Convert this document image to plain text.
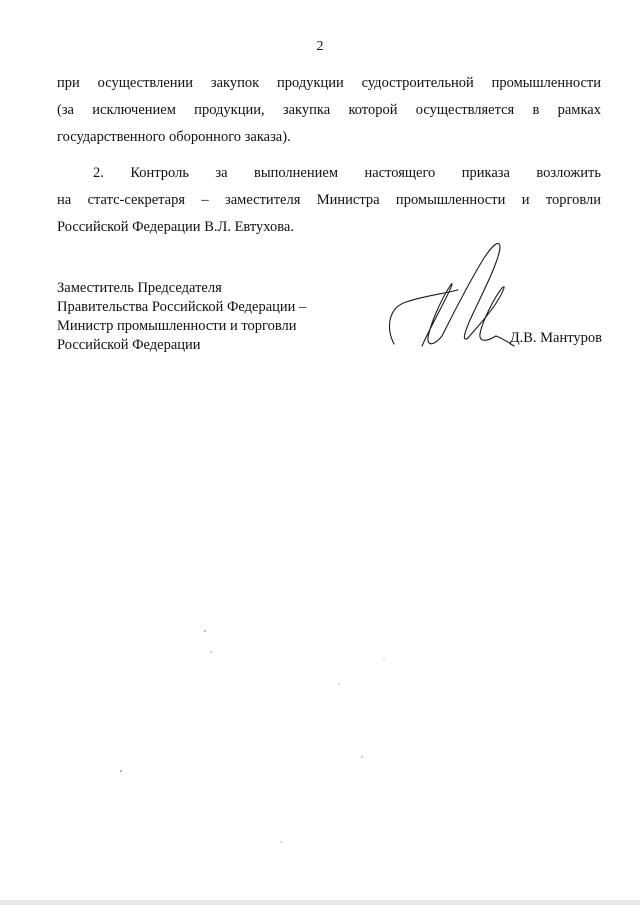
2

при осуществлении закупок продукции судостроительной промышленности
(за исключением продукции, закупка которой осуществляется в рамках
государственного оборонного заказа).

2. Контроль за выполнением настоящего приказа возложить
на статс-секретаря – заместителя Министра промышленности и торговли
Российской Федерации В.Л. Евтухова.

Заместитель Председателя
Правительства Российской Федерации –
Министр промышленности и торговли
Российской Федерации	Д.В. Мантуров
